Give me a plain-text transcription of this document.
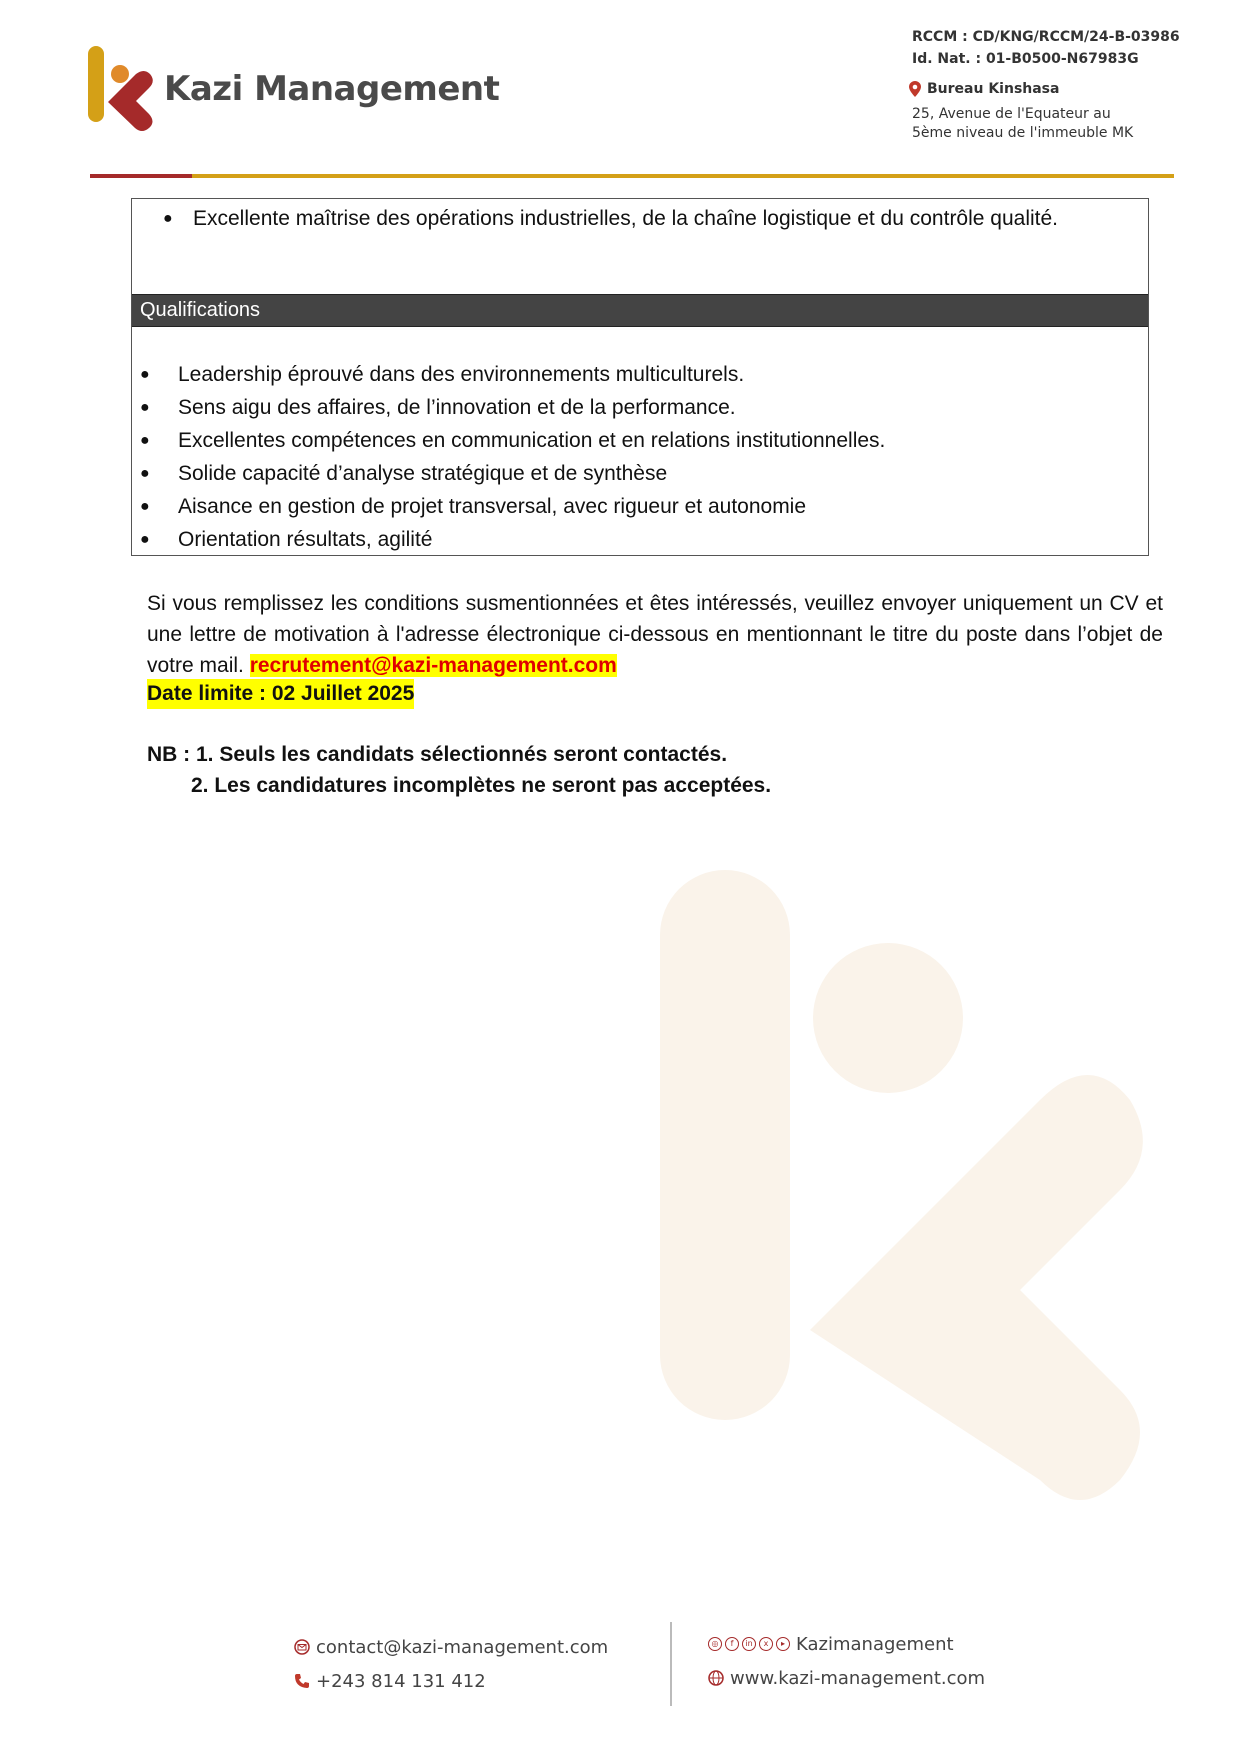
Kazi Management
RCCM : CD/KNG/RCCM/24-B-03986
Id. Nat. : 01-B0500-N67983G
Bureau Kinshasa
25, Avenue de l'Equateur au
5ème niveau de l'immeuble MK
● Excellente maîtrise des opérations industrielles, de la chaîne logistique et du contrôle qualité.
Qualifications
●	Leadership éprouvé dans des environnements multiculturels.
●	Sens aigu des affaires, de l’innovation et de la performance.
●	Excellentes compétences en communication et en relations institutionnelles.
●	Solide capacité d’analyse stratégique et de synthèse
●	Aisance en gestion de projet transversal, avec rigueur et autonomie
●	Orientation résultats, agilité
Si vous remplissez les conditions susmentionnées et êtes intéressés, veuillez envoyer uniquement un CV et une lettre de motivation à l'adresse électronique ci-dessous en mentionnant le titre du poste dans l’objet de votre mail. recrutement@kazi-management.com
Date limite : 02 Juillet 2025
NB : 1. Seuls les candidats sélectionnés seront contactés.
2. Les candidatures incomplètes ne seront pas acceptées.
contact@kazi-management.com
+243 814 131 412
◎	f	in	x	▸ Kazimanagement
www.kazi-management.com
